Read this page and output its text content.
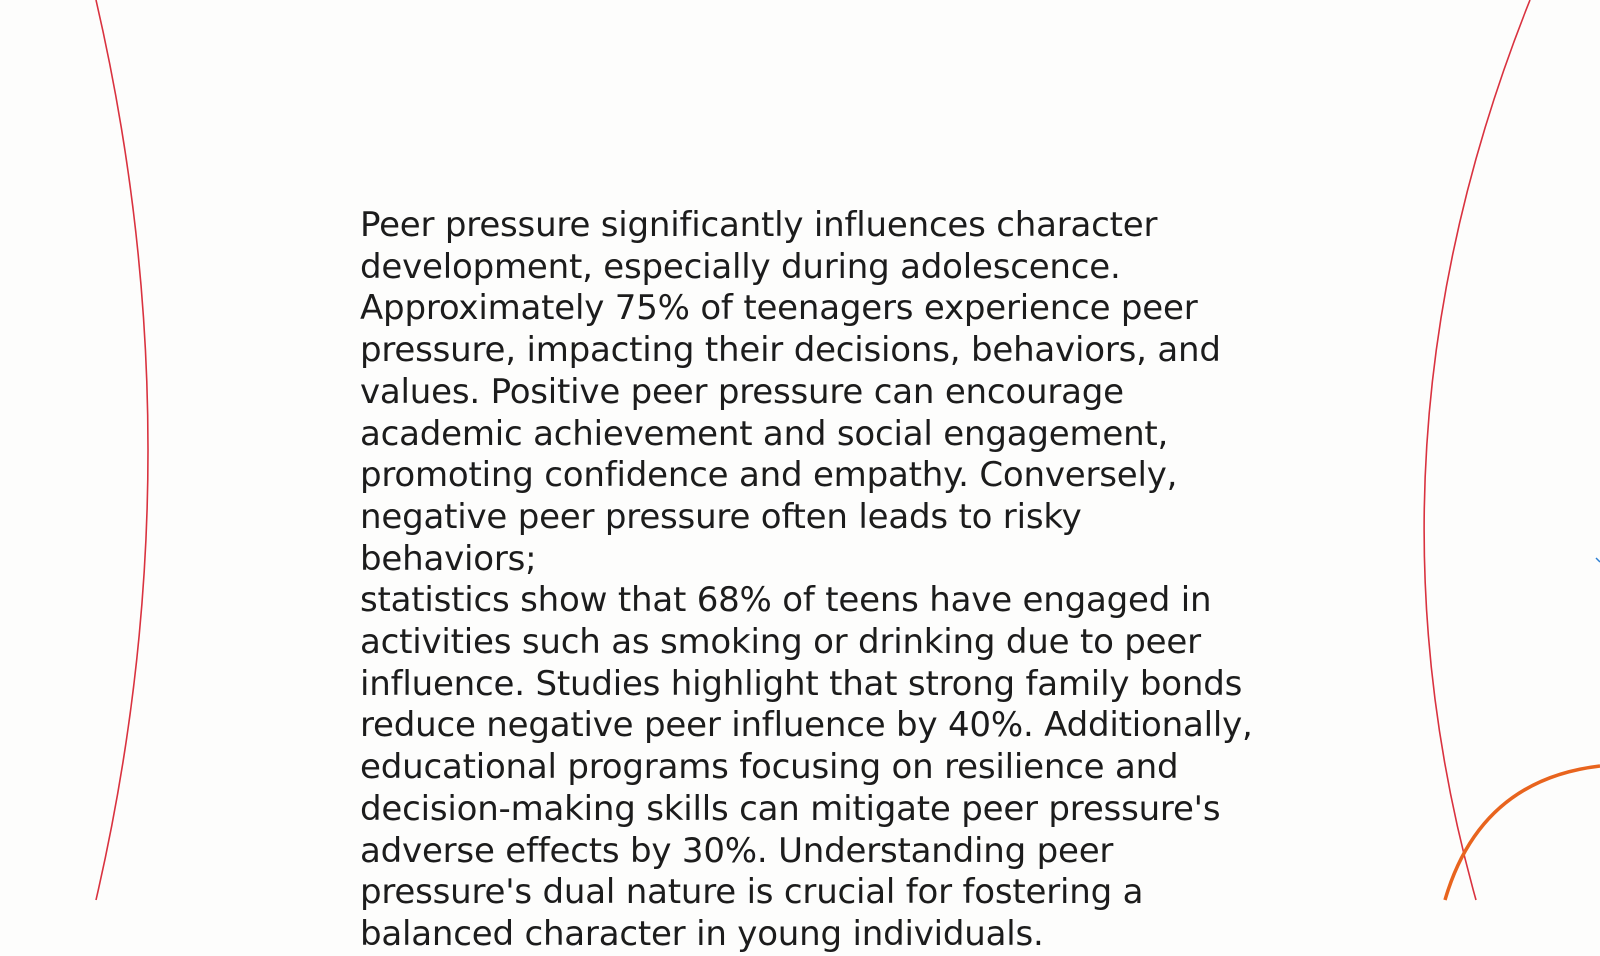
Peer pressure significantly influences character
development, especially during adolescence.
Approximately 75% of teenagers experience peer
pressure, impacting their decisions, behaviors, and
values. Positive peer pressure can encourage
academic achievement and social engagement,
promoting confidence and empathy. Conversely,
negative peer pressure often leads to risky behaviors;
statistics show that 68% of teens have engaged in
activities such as smoking or drinking due to peer
influence. Studies highlight that strong family bonds
reduce negative peer influence by 40%. Additionally,
educational programs focusing on resilience and
decision-making skills can mitigate peer pressure's
adverse effects by 30%. Understanding peer
pressure's dual nature is crucial for fostering a
balanced character in young individuals.
